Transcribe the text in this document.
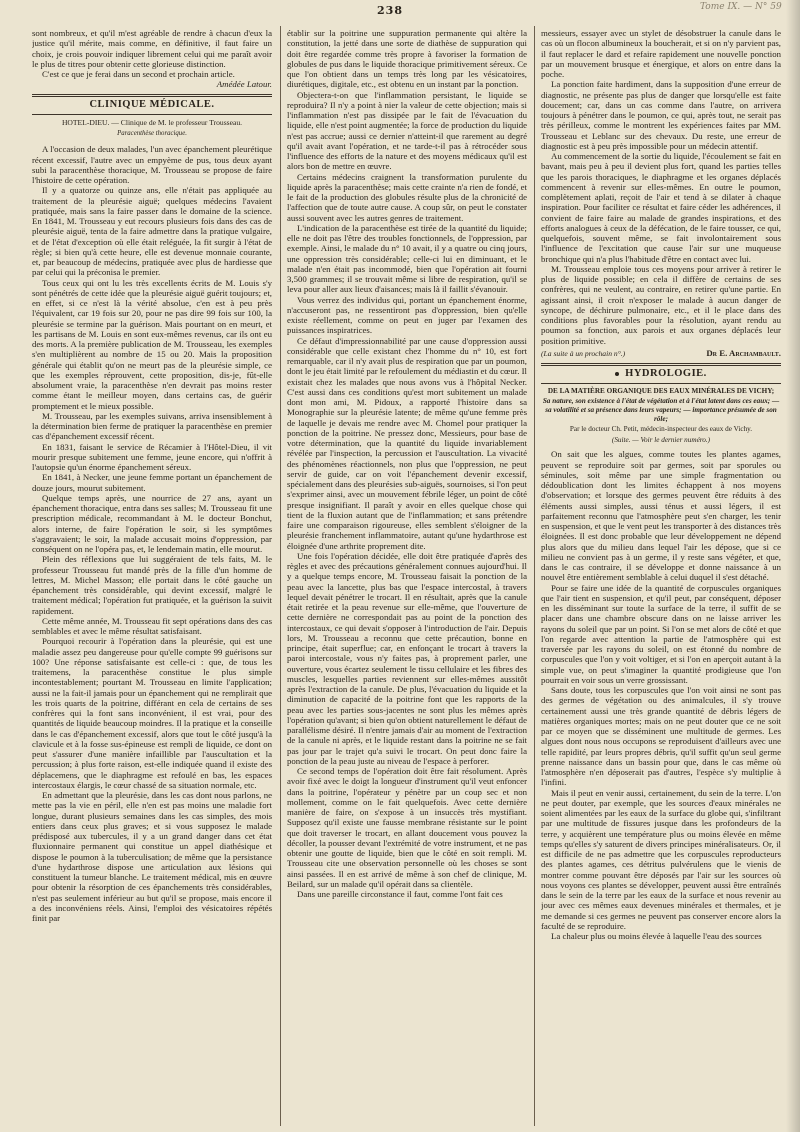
238	Tome IX. — N° 59

sont nombreux, et qu'il m'est agréable de rendre à chacun d'eux la justice qu'il mérite, mais comme, en définitive, il faut faire un choix, je crois pouvoir indiquer librement celui qui me paraît avoir le plus de titres pour obtenir cette glorieuse distinction.

C'est ce que je ferai dans un second et prochain article.

Amédée Latour.

CLINIQUE MÉDICALE.
HOTEL-DIEU. — Clinique de M. le professeur Trousseau.
Paracenthèse thoracique.

A l'occasion de deux malades, l'un avec épanchement pleurétique récent excessif, l'autre avec un empyème de pus, tous deux ayant subi la paracenthèse thoracique, M. Trousseau se propose de faire l'histoire de cette opération.

Il y a quatorze ou quinze ans, elle n'était pas appliquée au traitement de la pleurésie aiguë; quelques médecins l'avaient pratiquée, mais sans la faire passer dans le domaine de la science. En 1841, M. Trousseau y eut recours plusieurs fois dans des cas de pleurésie aiguë, tenta de la faire admettre dans la pratique vulgaire, et de l'état d'exception où elle était reléguée, la fit surgir à l'état de règle; si bien qu'à cette heure, elle est devenue monnaie courante, et, par beaucoup de médecins, pratiquée avec plus de hardiesse que par celui qui la préconisa le premier.

Tous ceux qui ont lu les très excellents écrits de M. Louis s'y sont pénétrés de cette idée que la pleurésie aiguë guérit toujours; et, en effet, si ce n'est là la vérité absolue, c'en est à peu près l'équivalent, car 19 fois sur 20, pour ne pas dire 99 fois sur 100, la pleurésie se termine par la guérison. Mais pourtant on en meurt, et les partisans de M. Louis en sont eux-mêmes revenus, car ils ont eu des morts. A la première publication de M. Trousseau, les exemples s'en multiplièrent au nombre de 15 ou 20. Mais la proposition générale qui établit qu'on ne meurt pas de la pleurésie simple, ce que les exemples réprouvent, cette proposition, dis-je, fût-elle absolument vraie, la paracenthèse n'en devrait pas moins rester comme étant le meilleur moyen, dans certains cas, de guérir promptement et le mieux possible.

M. Trousseau, par les exemples suivans, arriva insensiblement à la détermination bien ferme de pratiquer la paracenthèse en premier cas d'épanchement excessif récent.

En 1831, faisant le service de Récamier à l'Hôtel-Dieu, il vit mourir presque subitement une femme, jeune encore, qui n'offrit à l'autopsie qu'un énorme épanchement séreux.

En 1841, à Necker, une jeune femme portant un épanchement de douze jours, mourut subitement.

Quelque temps après, une nourrice de 27 ans, ayant un épanchement thoracique, entra dans ses salles; M. Trousseau fit une prescription médicale, recommandant à M. le docteur Bonchut, alors interne, de faire l'opération le soir, si les symptômes s'aggravaient; le soir, la malade accusait moins d'oppression, par conséquent on ne l'opéra pas, et, le lendemain matin, elle mourut.

Plein des réflexions que lui suggéraient de tels faits, M. le professeur Trousseau fut mandé près de la fille d'un homme de lettres, M. Michel Masson; elle portait dans le côté gauche un épanchement très considérable, qui devint excessif, malgré le traitement médical; l'opération fut pratiquée, et la guérison la suivit rapidement.

Cette même année, M. Trousseau fit sept opérations dans des cas semblables et avec le même résultat satisfaisant.

Pourquoi recourir à l'opération dans la pleurésie, qui est une maladie assez peu dangereuse pour qu'elle compte 99 guérisons sur 100? Une réponse satisfaisante est celle-ci : que, de tous les traitemens, la paracenthèse constitue le plus simple incontestablement; pourtant M. Trousseau en limite l'application; aussi ne la fait-il jamais pour un épanchement qui ne remplirait que les trois quarts de la poitrine, différant en cela de certains de ses confrères qui la font sans inconvénient, il est vrai, pour des quantités de liquide beaucoup moindres. Il la pratique et la conseille dans le cas d'épanchement excessif, alors que tout le côté jusqu'à la clavicule et à la fosse sus-épineuse est rempli de liquide, ce dont on peut s'assurer d'une manière infaillible par l'auscultation et la percussion; à plus forte raison, est-elle indiquée quand il existe des déplacemens, que le diaphragme est refoulé en bas, les espaces intercostaux élargis, le cœur chassé de sa situation normale, etc.

En admettant que la pleurésie, dans les cas dont nous parlons, ne mette pas la vie en péril, elle n'en est pas moins une maladie fort longue, durant plusieurs semaines dans les cas simples, des mois entiers dans ceux plus graves; et si vous supposez le malade prédisposé aux tubercules, il y a un grand danger dans cet état fluxionnaire permanent qui constitue un appel diathésique et dispose le poumon à la tuberculisation; de même que la persistance d'une hydarthrose dispose une articulation aux lésions qui constituent la tumeur blanche. Le traitement médical, mis en œuvre pour obtenir la résorption de ces épanchements très considérables, n'est pas seulement inférieur au but qu'il se propose, mais encore il a des inconvéniens réels. Ainsi, l'emploi des vésicatoires répétés finit par

établir sur la poitrine une suppuration permanente qui altère la constitution, la jetté dans une sorte de diathèse de suppuration qui doit être regardée comme très propre à favoriser la formation de globules de pus dans le liquide thoracique primitivement séreux. Ce que l'on obtient dans un temps très long par les vésicatoires, diurétiques, digitale, etc., est obtenu en un instant par la ponction.

Objectera-t-on que l'inflammation persistant, le liquide se reproduira? Il n'y a point à nier la valeur de cette objection; mais si l'inflammation n'est pas dissipée par le fait de l'évacuation du liquide, elle n'est point augmentée; la force de production du liquide n'est pas accrue; aussi ce dernier n'atteint-il que rarement au degré qu'il avait avant l'opération, et ne tarde-t-il pas à rétrocéder sous l'influence des efforts de la nature et des moyens médicaux qu'il est alors bon de mettre en œuvre.

Certains médecins craignent la transformation purulente du liquide après la paracenthèse; mais cette crainte n'a rien de fondé, et le fait de la production des globules résulte plus de la chronicité de l'affection que de toute autre cause. A coup sûr, on peut le constater aussi souvent avec les autres genres de traitement.

L'indication de la paracenthèse est tirée de la quantité du liquide; elle ne doit pas l'être des troubles fonctionnels, de l'oppression, par exemple. Ainsi, le malade du n° 10 avait, il y a quatre ou cinq jours, une oppression très considérable; celle-ci lui en diminuant, et le malade n'en était pas incommodé, bien que l'opération ait fourni 3,500 grammes; il se trouvait même si libre de respiration, qu'il se leva pour aller aux lieux d'aisances; mais là il faillit s'évanouir.

Vous verrez des individus qui, portant un épanchement énorme, n'accuseront pas, ne ressentiront pas d'oppression, bien qu'elle existe réellement, comme on peut en juger par l'examen des puissances inspiratrices.

Ce défaut d'impressionnabilité par une cause d'oppression aussi considérable que celle existant chez l'homme du n° 10, est fort remarquable, car il n'y avait plus de respiration que par un poumon, dont le jeu était limité par le refoulement du médiastin et du cœur. Il existait chez les malades que nous avons vus à l'hôpital Necker. C'est aussi dans ces conditions qu'est mort subitement un malade dont mon ami, M. Pidoux, a rapporté l'histoire dans sa Monographie sur la pleurésie latente; de même qu'une femme près de laquelle je devais me rendre avec M. Chomel pour pratiquer la ponction de la poitrine. Ne pressez donc, Messieurs, pour base de votre détermination, que la quantité du liquide invariablement révélée par l'inspection, la percussion et l'auscultation. La vivacité des phénomènes réactionnels, non plus que l'oppression, ne peut servir de guide, car on voit l'épanchement devenir excessif, spécialement dans des pleurésies sub-aiguës, sournoises, si l'on peut s'exprimer ainsi, avec un mouvement fébrile léger, un point de côté presque insignifiant. Il paraît y avoir en elles quelque chose qui tient de la fluxion autant que de l'inflammation; et sans prétendre faire une comparaison rigoureuse, elles semblent s'éloigner de la pleurésie franchement inflammatoire, autant qu'une hydarthrose est éloignée d'une arthrite proprement dite.

Une fois l'opération décidée, elle doit être pratiquée d'après des règles et avec des précautions généralement connues aujourd'hui. Il y a quelque temps encore, M. Trousseau faisait la ponction de la peau avec la lancette, plus bas que l'espace intercostal, à travers lequel devait pénétrer le trocart. Il en résultait, après que la canule était retirée et la peau revenue sur elle-même, que l'ouverture de cette dernière ne correspondait pas au point de la ponction des intercostaux, ce qui devait s'opposer à l'introduction de l'air. Depuis lors, M. Trousseau a reconnu que cette précaution, bonne en principe, était superflue; car, en enfonçant le trocart à travers la paroi intercostale, vous n'y faites pas, à proprement parler, une ouverture, vous écartez seulement le tissu cellulaire et les fibres des muscles, lesquelles parties reviennent sur elles-mêmes aussitôt après l'extraction de la canule. De plus, l'évacuation du liquide et la diminution de capacité de la poitrine font que les rapports de la peau avec les parties sous-jacentes ne sont plus les mêmes après l'opération qu'avant; si bien qu'on obtient naturellement le défaut de parallélisme désiré. Il n'entre jamais d'air au moment de l'extraction de la canule ni après, et le liquide restant dans la poitrine ne se fait pas jour par le trajet qu'a suivi le trocart. On peut donc faire la ponction de la peau juste au niveau de l'espace à perforer.

Ce second temps de l'opération doit être fait résolument. Après avoir fixé avec le doigt la longueur d'instrument qu'il veut enfoncer dans la poitrine, l'opérateur y pénètre par un coup sec et non mollement, comme on le fait quelquefois. Avec cette dernière manière de faire, on s'expose à un insuccès très mystifiant. Supposez qu'il existe une fausse membrane résistante sur le point que doit traverser le trocart, en allant doucement vous pouvez la décoller, la pousser devant l'extrémité de votre instrument, et ne pas obtenir une goutte de liquide, bien que le côté en soit rempli. M. Trousseau cite une observation personnelle où les choses se sont ainsi passées. Il en est arrivé de même à son chef de clinique, M. Beilard, sur un malade qu'il opérait dans sa clientèle.

Dans une pareille circonstance il faut, comme l'ont fait ces

messieurs, essayer avec un stylet de désobstruer la canule dans le cas où un flocon albumineux la boucherait, et si on n'y parvient pas, il faut replacer le dard et refaire rapidement une nouvelle ponction par un mouvement brusque et énergique, et alors on entre dans la poche.

La ponction faite hardiment, dans la supposition d'une erreur de diagnostic, ne présente pas plus de danger que lorsqu'elle est faite doucement; car, dans un cas comme dans l'autre, on arrivera toujours à pénétrer dans le poumon, ce qui, après tout, ne serait pas très périlleux, comme le montrent les expériences faites par MM. Trousseau et Leblanc sur des chevaux. Du reste, une erreur de diagnostic est à peu près impossible pour un médecin attentif.

Au commencement de la sortie du liquide, l'écoulement se fait en bavant, mais peu à peu il devient plus fort, quand les parties telles que les parois thoraciques, le diaphragme et les organes déplacés commencent à revenir sur elles-mêmes. En outre le poumon, complètement aplati, reçoit de l'air et tend à se dilater à chaque inspiration. Pour faciliter ce résultat et faire céder les adhérences, il convient de faire faire au malade de grandes inspirations, et des efforts analogues à ceux de la défécation, de le faire tousser, ce qui, quelquefois, souvent même, se fait involontairement sous l'influence de l'excitation que cause l'air sur une muqueuse bronchique qui n'a plus l'habitude d'être en contact avec lui.

M. Trousseau emploie tous ces moyens pour arriver à retirer le plus de liquide possible; en cela il diffère de certains de ses confrères, qui ne veulent, au contraire, en retirer qu'une partie. En agissant ainsi, il croit n'exposer le malade à aucun danger de syncope, de déchirure pulmonaire, etc., et il le place dans des conditions plus favorables pour la résolution, ayant rendu au poumon sa fonction, aux parois et aux organes déplacés leur position primitive.

(La suite à un prochain n°.)	Dr E. Archambault.
HYDROLOGIE.
DE LA MATIÈRE ORGANIQUE DES EAUX MINÉRALES DE VICHY;
Sa nature, son existence à l'état de végétation et à l'état latent dans ces eaux; — sa volatilité et sa présence dans leurs vapeurs; — importance présumée de son rôle;
Par le docteur Ch. Petit, médecin-inspecteur des eaux de Vichy.
(Suite. — Voir le dernier numéro.)

On sait que les algues, comme toutes les plantes agames, peuvent se reproduire soit par germes, soit par sporules ou séminules, soit même par une simple fragmentation ou dédoublication dont les limites échappent à nos moyens d'observation; et lorsque des germes peuvent être réduits à des éléments aussi simples, aussi ténus et aussi légers, il est parfaitement reconnu que l'atmosphère peut s'en charger, les tenir en suspension, et que le vent peut les transporter à des distances très éloignées. Il est donc probable que leur développement ne dépend plus alors que du milieu dans lequel l'air les dépose, que si ce milieu ne convient pas à un germe, il y reste sans végéter, et que, dans le cas contraire, il se développe et donne naissance à un nouvel être entièrement semblable à celui duquel il s'est détaché.

Pour se faire une idée de la quantité de corpuscules organiques que l'air tient en suspension, et qu'il peut, par conséquent, déposer en les disséminant sur toute la surface de la terre, il suffit de se placer dans une chambre obscure dans on ne laisse arriver les rayons du soleil que par un point. Si l'on se met alors de côté et que l'on regarde avec attention la partie de l'atmosphère qui est traversée par les rayons du soleil, on est étonné du nombre de corpuscules que l'on y voit voltiger, et si l'on en aperçoit autant à la simple vue, on peut s'imaginer la quantité prodigieuse que l'on pourrait en voir sous un verre grossissant.

Sans doute, tous les corpuscules que l'on voit ainsi ne sont pas des germes de végétation ou des animalcules, il s'y trouve certainement aussi une très grande quantité de débris légers de matières organiques mortes; mais on ne peut douter que ce ne soit par ce moyen que se disséminent une multitude de germes. Les algues dont nous nous occupons se reproduisent d'ailleurs avec une telle rapidité, par leurs propres débris, qu'il suffit qu'un seul germe prenne naissance dans un bassin pour que, dans le cas même où l'atmosphère n'en déposerait pas d'autres, l'espèce s'y multiplie à l'infini.

Mais il peut en venir aussi, certainement, du sein de la terre. L'on ne peut douter, par exemple, que les sources d'eaux minérales ne soient alimentées par les eaux de la surface du globe qui, s'infiltrant par une multitude de fissures jusque dans les profondeurs de la terre, y acquièrent une température plus ou moins élevée en même temps qu'elles s'y saturent de divers principes minéralisateurs. Or, il est difficile de ne pas admettre que les corpuscules reproducteurs des plantes agames, ces détritus pulvérulens que le vienis de montrer comme pouvant être déposés par l'air sur les sources où nous voyons ces plantes se développer, peuvent aussi être entraînés dans le sein de la terre par les eaux de la surface et nous revenir au jour avec ces mêmes eaux devenues minérales et thermales, et je me demande si ces germes ne peuvent pas conserver encore alors la faculté de se reproduire.

La chaleur plus ou moins élevée à laquelle l'eau des sources
